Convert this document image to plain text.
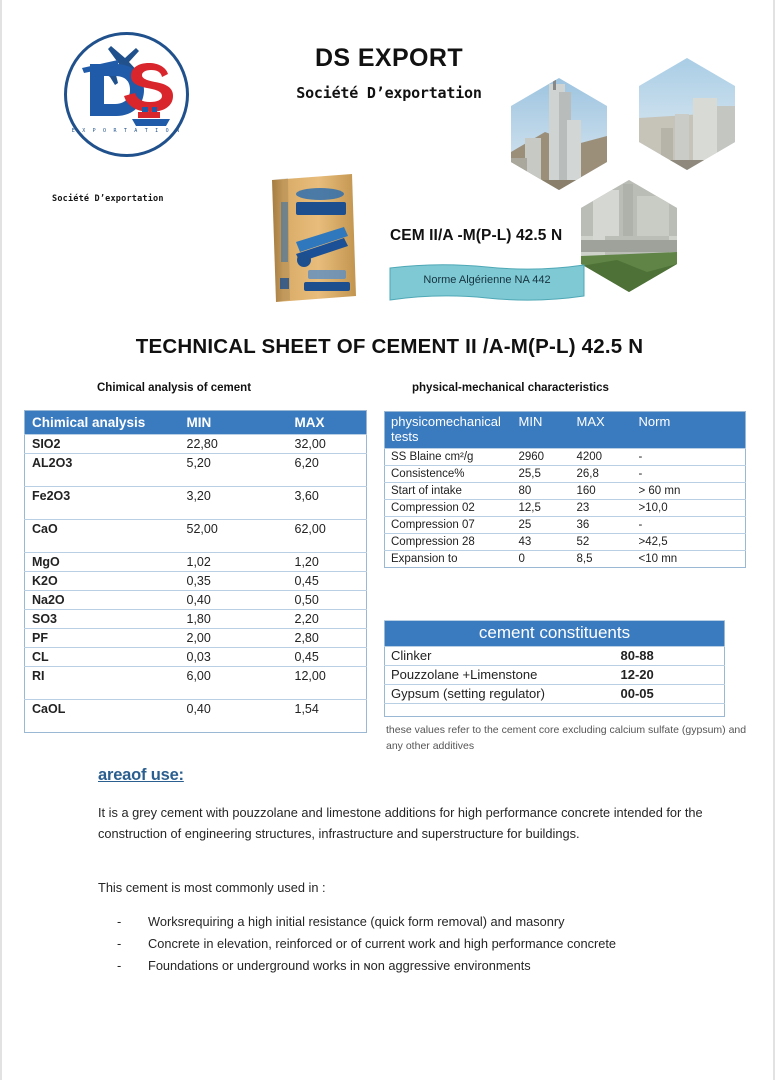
E X P O R T A T I O N
Société D’exportation
DS EXPORT
Société D’exportation
CEM II/A -M(P-L) 42.5 N
Norme Algérienne NA 442
TECHNICAL SHEET OF CEMENT II /A-M(P-L) 42.5 N
Chimical analysis of cement	physical-mechanical characteristics
Chimical analysis	MIN	MAX
SIO2	22,80	32,00
AL2O3	5,20	6,20
Fe2O3	3,20	3,60
CaO	52,00	62,00
MgO	1,02	1,20
K2O	0,35	0,45
Na2O	0,40	0,50
SO3	1,80	2,20
PF	2,00	2,80
CL	0,03	0,45
RI	6,00	12,00
CaOL	0,40	1,54
physicomechanical tests	MIN	MAX	Norm
SS Blaine cm²/g	2960	4200	-
Consistence%	25,5	26,8	-
Start of intake	80	160	> 60 mn
Compression 02	12,5	23	>10,0
Compression 07	25	36	-
Compression 28	43	52	>42,5
Expansion to	0	8,5	<10 mn
cement constituents	
Clinker	80-88
Pouzzolane +Limenstone	12-20
Gypsum (setting regulator)	00-05

these values refer to the cement core excluding calcium sulfate (gypsum) and any other additives
areaof use:
It is a grey cement with pouzzolane and limestone additions for high performance concrete intended for the construction of engineering structures, infrastructure and superstructure for buildings.
This cement is most commonly used in :
-	Worksrequiring a high initial resistance (quick form removal) and masonry
-	Concrete in elevation, reinforced or of current work and high performance concrete
-	Foundations or underground works in ɴon aggressive environments
